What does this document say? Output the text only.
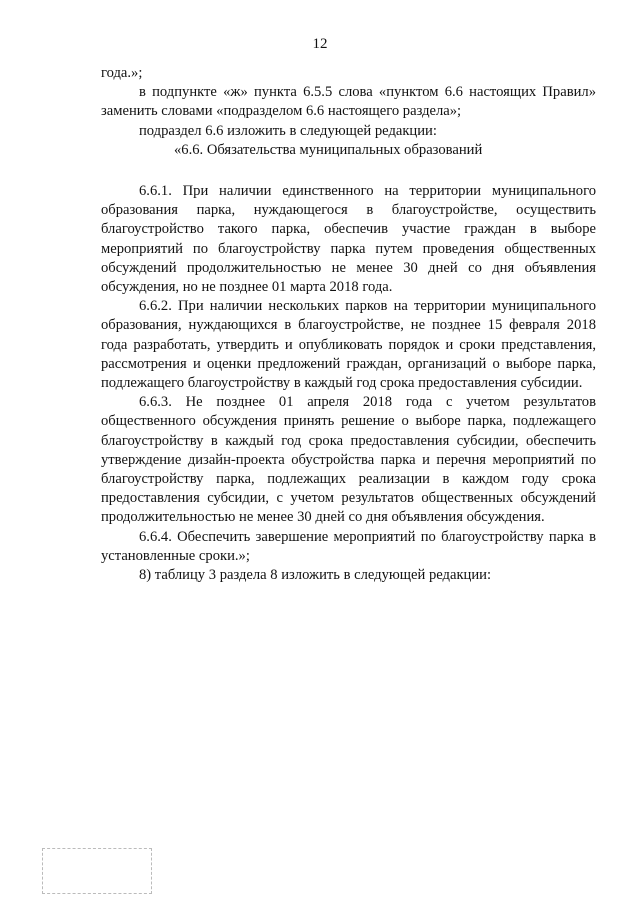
12

года.»;

в подпункте «ж» пункта 6.5.5 слова «пунктом 6.6 настоящих Правил» заменить словами «подразделом 6.6 настоящего раздела»;

подраздел 6.6 изложить в следующей редакции:

«6.6. Обязательства муниципальных образований

6.6.1. При наличии единственного на территории муниципального образования парка, нуждающегося в благоустройстве, осуществить благоустройство такого парка, обеспечив участие граждан в выборе мероприятий по благоустройству парка путем проведения общественных обсуждений продолжительностью не менее 30 дней со дня объявления обсуждения, но не позднее 01 марта 2018 года.

6.6.2. При наличии нескольких парков на территории муниципального образования, нуждающихся в благоустройстве, не позднее 15 февраля 2018 года разработать, утвердить и опубликовать порядок и сроки представления, рассмотрения и оценки предложений граждан, организаций о выборе парка, подлежащего благоустройству в каждый год срока предоставления субсидии.

6.6.3. Не позднее 01 апреля 2018 года с учетом результатов общественного обсуждения принять решение о выборе парка, подлежащего благоустройству в каждый год срока предоставления субсидии, обеспечить утверждение дизайн-проекта обустройства парка и перечня мероприятий по благоустройству парка, подлежащих реализации в каждом году срока предоставления субсидии, с учетом результатов общественных обсуждений продолжительностью не менее 30 дней со дня объявления обсуждения.

6.6.4. Обеспечить завершение мероприятий по благоустройству парка в установленные сроки.»;

8) таблицу 3 раздела 8 изложить в следующей редакции:
